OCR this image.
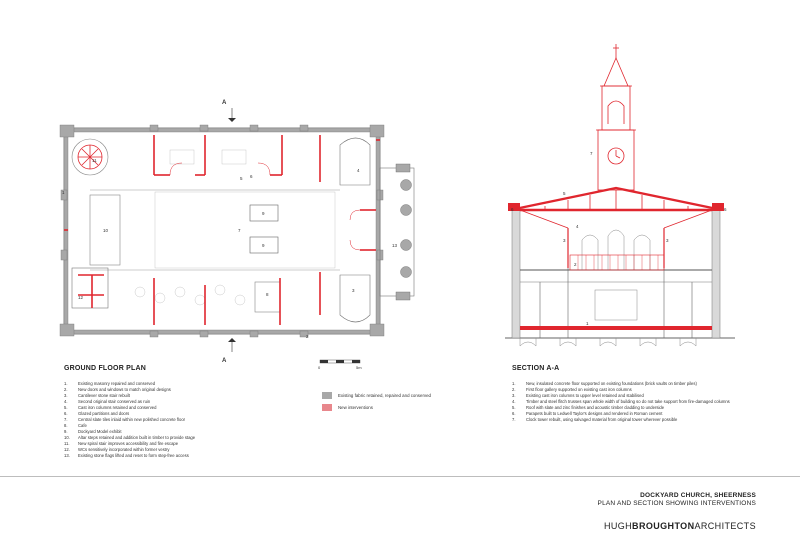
A
A
1
2
3
4
5 6
7
8
9
9
10
11
12
13
1
2
3	3
4
5
6	6
7
GROUND FLOOR PLAN
1.	Existing masonry repaired and conserved
2.	New doors and windows to match original designs
3.	Cantilever stone stair rebuilt
4.	Second original stair conserved as ruin
5.	Cast iron columns retained and conserved
6.	Glazed partitions and doors
7.	Central slate tiles inlaid within new polished concrete floor
8.	Cafe
9.	Dockyard Model exhibit
10.	Altar steps retained and addition built in timber to provide stage
11.	New spiral stair improves accessibility and fire escape
12.	WCs sensitively incorporated within former vestry
13.	Existing stone flags lifted and reset to form step-free access
0	5m
Existing fabric retained, repaired and conserved
New interventions
SECTION A-A
1.	New, insulated concrete floor supported on existing foundations (brick vaults on timber piles)
2.	First floor gallery supported on existing cast iron columns
3.	Existing cast iron columns to upper level retained and stabilised
4.	Timber and steel flitch trusses span whole width of building so do not take support from fire-damaged columns
5.	Roof with slate and zinc finishes and acoustic timber cladding to underside
6.	Parapets built to Ledwell Taylor's designs and rendered in Roman cement
7.	Clock tower rebuilt, using salvaged material from original tower wherever possible
DOCKYARD CHURCH, SHEERNESS
PLAN AND SECTION SHOWING INTERVENTIONS
HUGHBROUGHTONARCHITECTS
